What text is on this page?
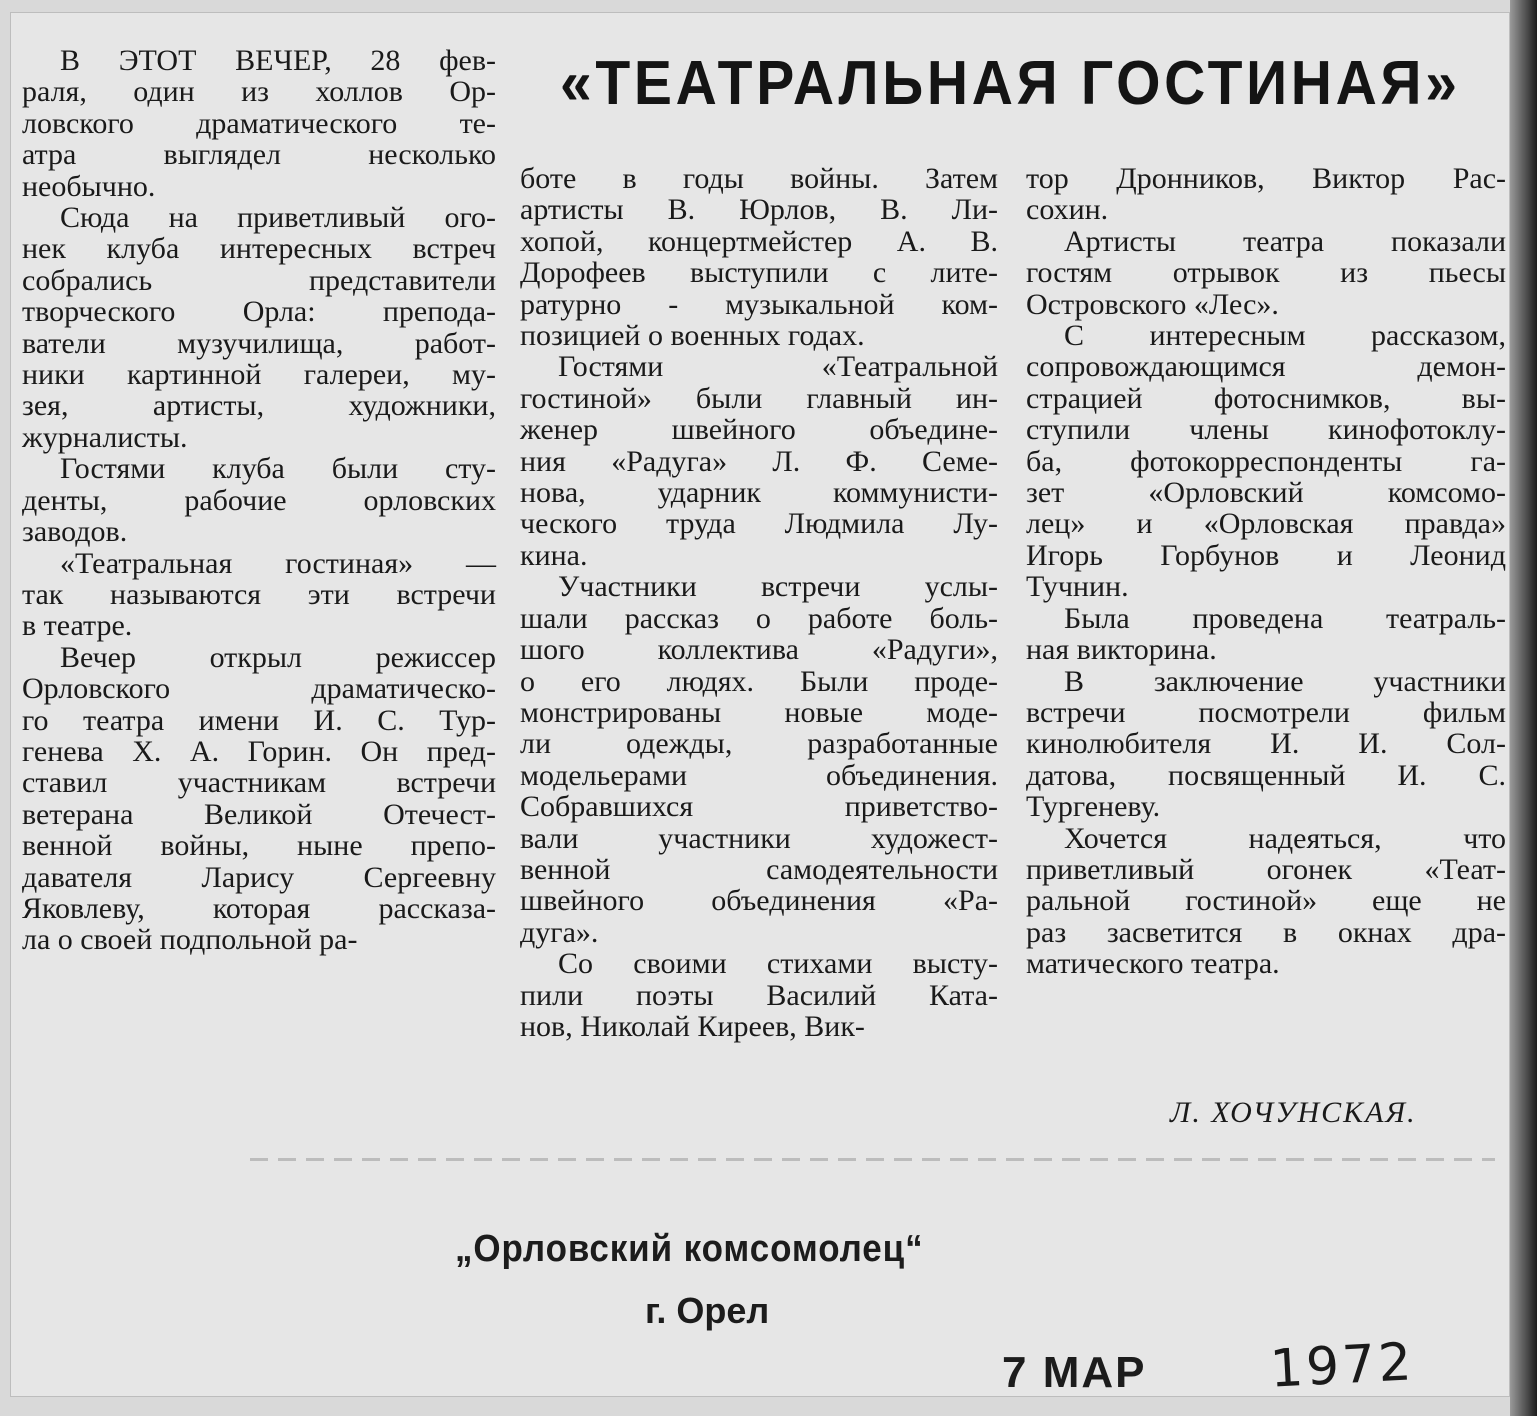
«ТЕАТРАЛЬНАЯ ГОСТИНАЯ»

В ЭТОТ ВЕЧЕР, 28 фев-
раля, один из холлов Ор-
ловского драматического те-
атра выглядел несколько
необычно.

Сюда на приветливый ого-
нек клуба интересных встреч
собрались представители
творческого Орла: препода-
ватели музучилища, работ-
ники картинной галереи, му-
зея, артисты, художники,
журналисты.

Гостями клуба были сту-
денты, рабочие орловских
заводов.

«Театральная гостиная» —
так называются эти встречи
в театре.

Вечер открыл режиссер
Орловского драматическо-
го театра имени И. С. Тур-
генева Х. А. Горин. Он пред-
ставил участникам встречи
ветерана Великой Отечест-
венной войны, ныне препо-
давателя Ларису Сергеевну
Яковлеву, которая рассказа-
ла о своей подпольной ра-

боте в годы войны. Затем
артисты В. Юрлов, В. Ли-
хопой, концертмейстер А. В.
Дорофеев выступили с лите-
ратурно - музыкальной ком-
позицией о военных годах.

Гостями «Театральной
гостиной» были главный ин-
женер швейного объедине-
ния «Радуга» Л. Ф. Семе-
нова, ударник коммунисти-
ческого труда Людмила Лу-
кина.

Участники встречи услы-
шали рассказ о работе боль-
шого коллектива «Радуги»,
о его людях. Были проде-
монстрированы новые моде-
ли одежды, разработанные
модельерами объединения.
Собравшихся приветство-
вали участники художест-
венной самодеятельности
швейного объединения «Ра-
дуга».

Со своими стихами высту-
пили поэты Василий Ката-
нов, Николай Киреев, Вик-

тор Дронников, Виктор Рас-
сохин.

Артисты театра показали
гостям отрывок из пьесы
Островского «Лес».

С интересным рассказом,
сопровождающимся демон-
страцией фотоснимков, вы-
ступили члены кинофотоклу-
ба, фотокорреспонденты га-
зет «Орловский комсомо-
лец» и «Орловская правда»
Игорь Горбунов и Леонид
Тучнин.

Была проведена театраль-
ная викторина.

В заключение участники
встречи посмотрели фильм
кинолюбителя И. И. Сол-
датова, посвященный И. С.
Тургеневу.

Хочется надеяться, что
приветливый огонек «Теат-
ральной гостиной» еще не
раз засветится в окнах дра-
матического театра.

Л. ХОЧУНСКАЯ.
„Орловский комсомолец“
г. Орел
7 МАР 1972
